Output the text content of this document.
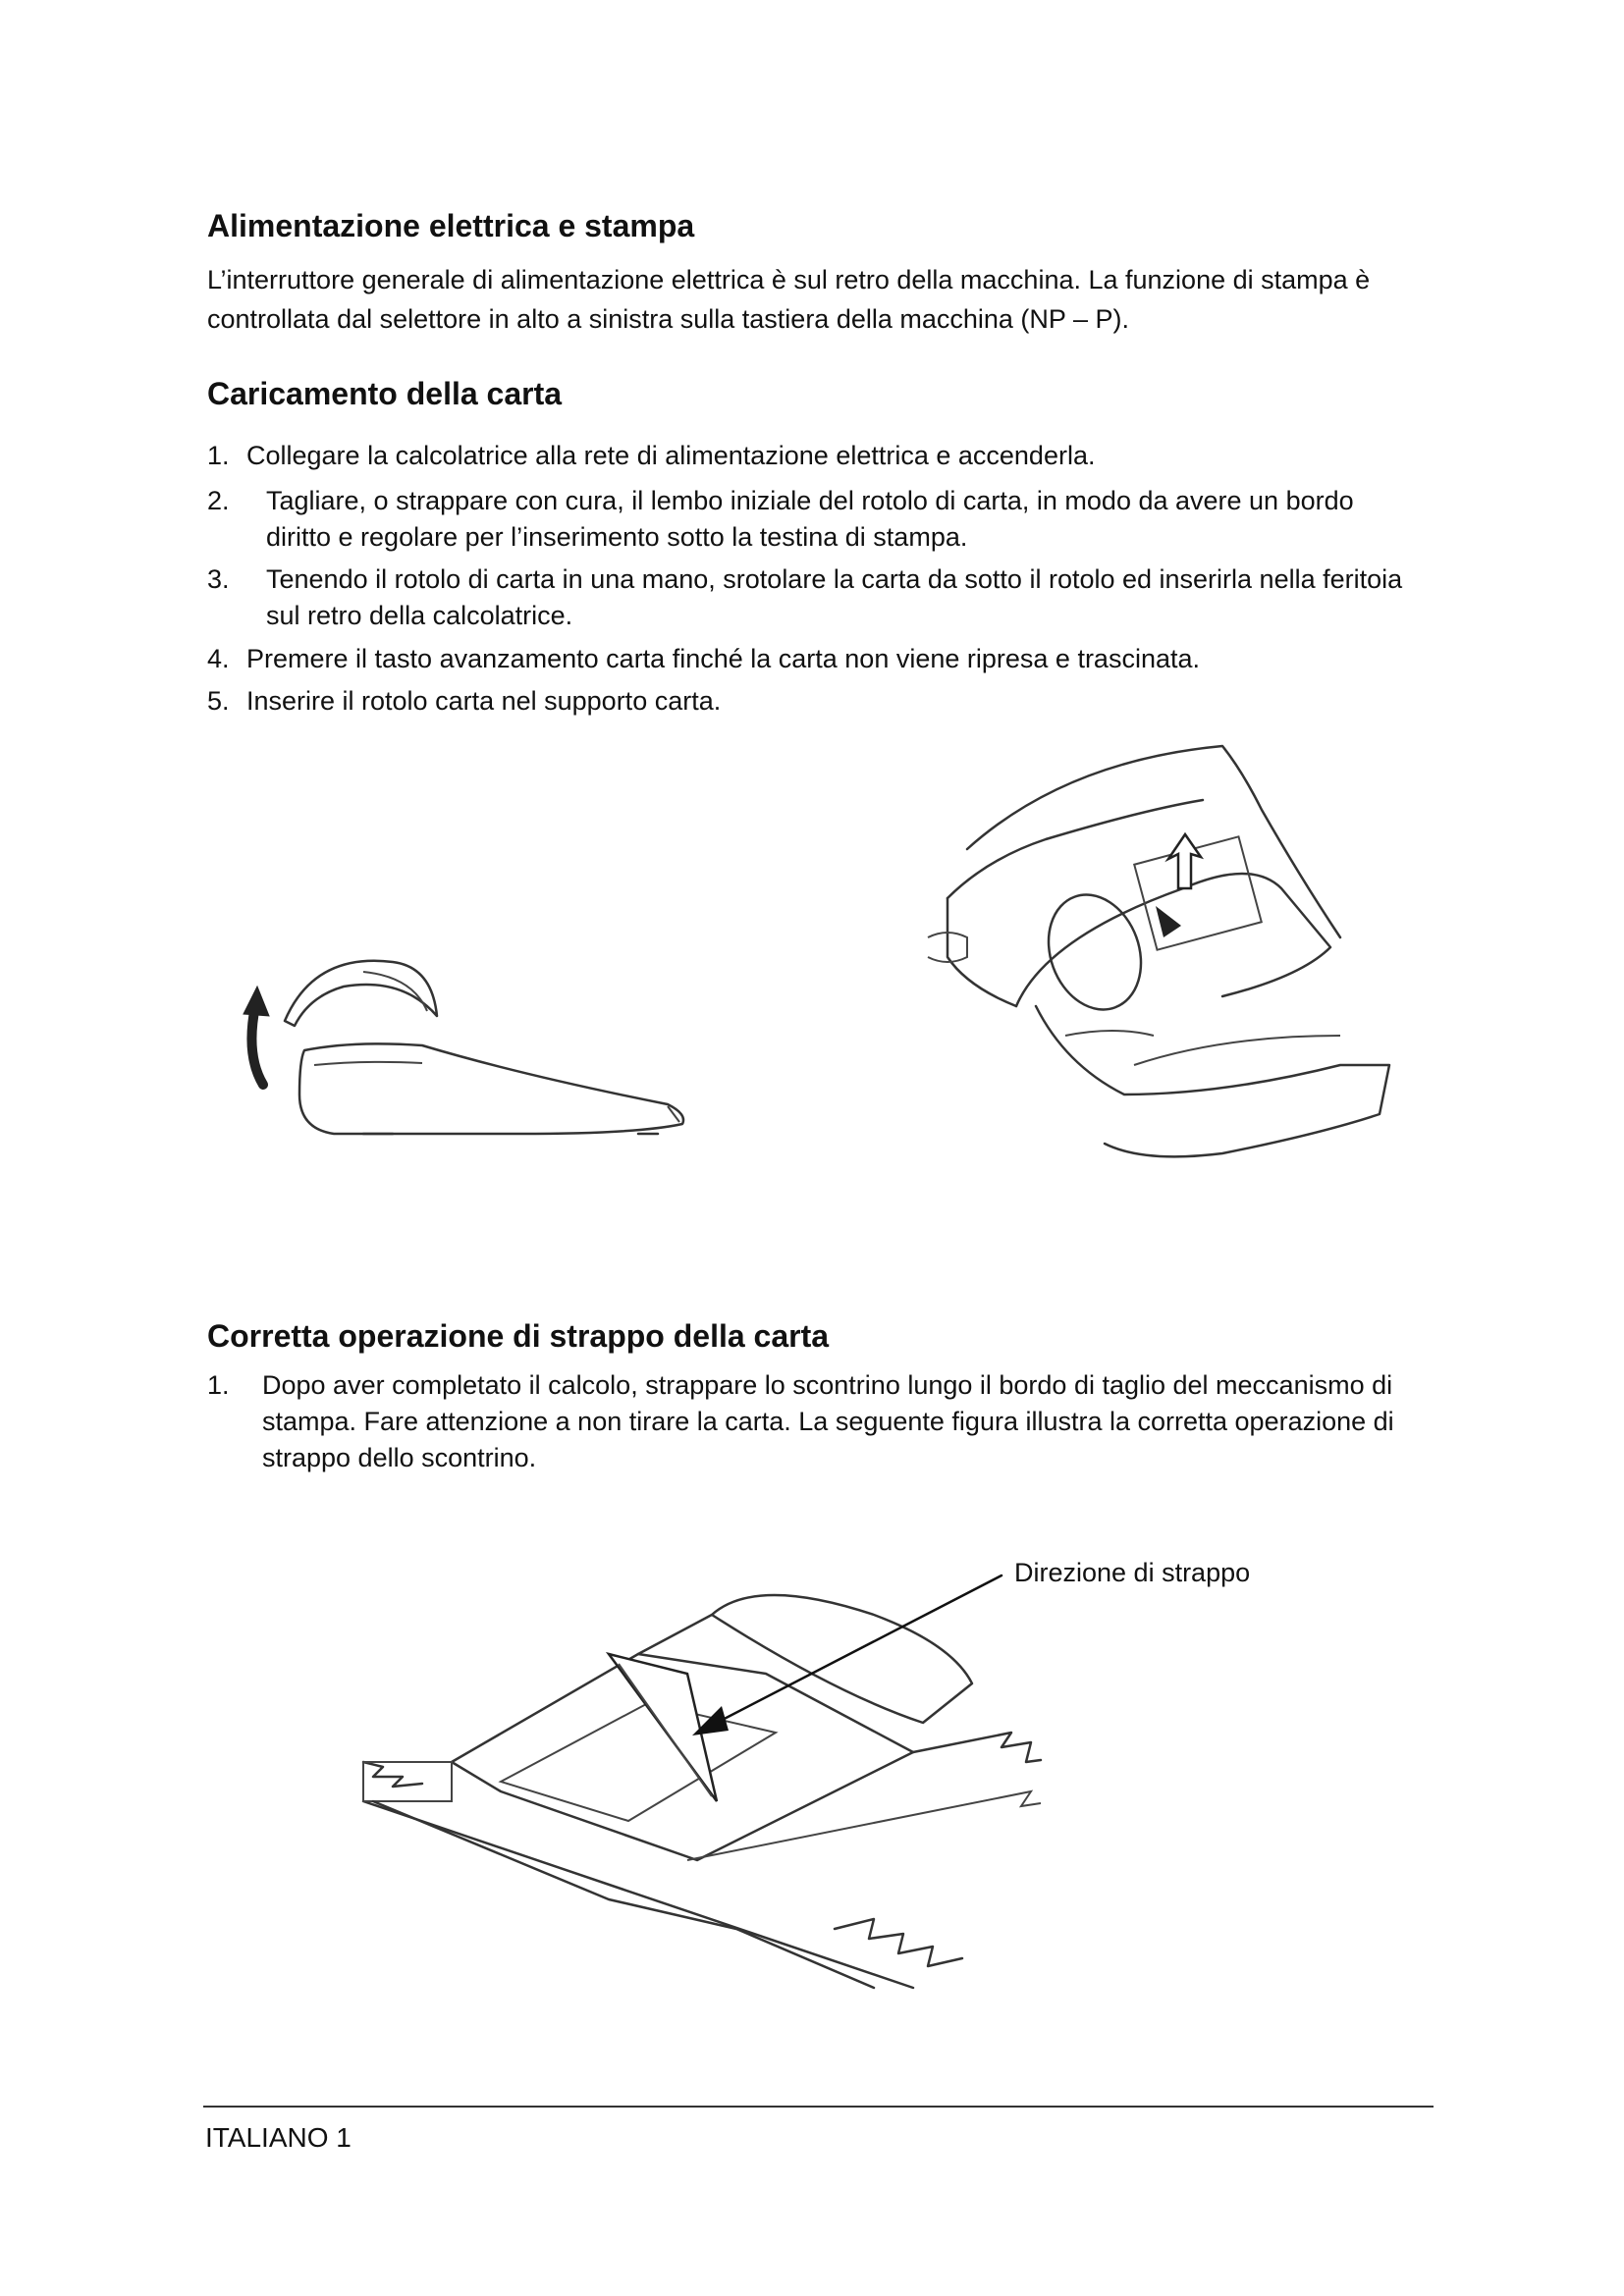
Alimentazione elettrica e stampa

L’interruttore generale di alimentazione elettrica è sul retro della macchina. La funzione di stampa è controllata dal selettore in alto a sinistra sulla tastiera della macchina (NP – P).

Caricamento della carta
1. Collegare la calcolatrice alla rete di alimentazione elettrica e accenderla.
2.	Tagliare, o strappare con cura, il lembo iniziale del rotolo di carta, in modo da avere un bordo diritto e regolare per l’inserimento sotto la testina di stampa.
3.	Tenendo il rotolo di carta in una mano, srotolare la carta da sotto il rotolo ed inserirla nella feritoia sul retro della calcolatrice.
4. Premere il tasto avanzamento carta finché la carta non viene ripresa e trascinata.
5. Inserire il rotolo carta nel supporto carta.
Corretta operazione di strappo della carta
1.	Dopo aver completato il calcolo, strappare lo scontrino lungo il bordo di taglio del meccanismo di stampa. Fare attenzione a non tirare la carta. La seguente figura illustra la corretta operazione di strappo dello scontrino.
Direzione di strappo
ITALIANO 1
